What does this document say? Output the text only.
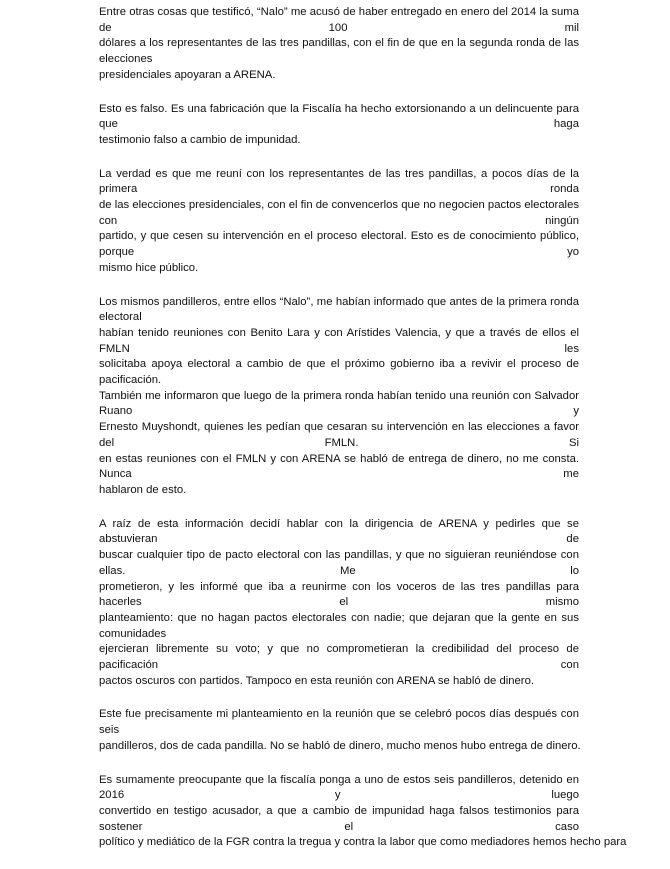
Entre otras cosas que testificó, “Nalo” me acusó de haber entregado en enero del 2014 la suma de 100 mil
dólares a los representantes de las tres pandillas, con el fin de que en la segunda ronda de las elecciones
presidenciales apoyaran a ARENA.

Esto es falso. Es una fabricación que la Fiscalía ha hecho extorsionando a un delincuente para que haga
testimonio falso a cambio de impunidad.

La verdad es que me reuní con los representantes de las tres pandillas, a pocos días de la primera ronda
de las elecciones presidenciales, con el fin de convencerlos que no negocien pactos electorales con ningún
partido, y que cesen su intervención en el proceso electoral. Esto es de conocimiento público, porque yo
mismo hice público.

Los mismos pandilleros, entre ellos “Nalo”, me habían informado que antes de la primera ronda electoral
habían tenido reuniones con Benito Lara y con Arístides Valencia, y que a través de ellos el FMLN les
solicitaba apoya electoral a cambio de que el próximo gobierno iba a revivir el proceso de pacificación.
También me informaron que luego de la primera ronda habían tenido una reunión con Salvador Ruano y
Ernesto Muyshondt, quienes les pedían que cesaran su intervención en las elecciones a favor del FMLN. Si
en estas reuniones con el FMLN y con ARENA se habló de entrega de dinero, no me consta. Nunca me
hablaron de esto.

A raíz de esta información decidí hablar con la dirigencia de ARENA y pedirles que se abstuvieran de
buscar cualquier tipo de pacto electoral con las pandillas, y que no siguieran reuniéndose con ellas. Me lo
prometieron, y les informé que iba a reunirme con los voceros de las tres pandillas para hacerles el mismo
planteamiento: que no hagan pactos electorales con nadie; que dejaran que la gente en sus comunidades
ejercieran libremente su voto; y que no comprometieran la credibilidad del proceso de pacificación con
pactos oscuros con partidos. Tampoco en esta reunión con ARENA se habló de dinero.

Este fue precisamente mi planteamiento en la reunión que se celebró pocos días después con seis
pandilleros, dos de cada pandilla. No se habló de dinero, mucho menos hubo entrega de dinero.

Es sumamente preocupante que la fiscalía ponga a uno de estos seis pandilleros, detenido en 2016 y luego
convertido en testigo acusador, a que a cambio de impunidad haga falsos testimonios para sostener el caso
político y mediático de la FGR contra la tregua y contra la labor que como mediadores hemos hecho para
